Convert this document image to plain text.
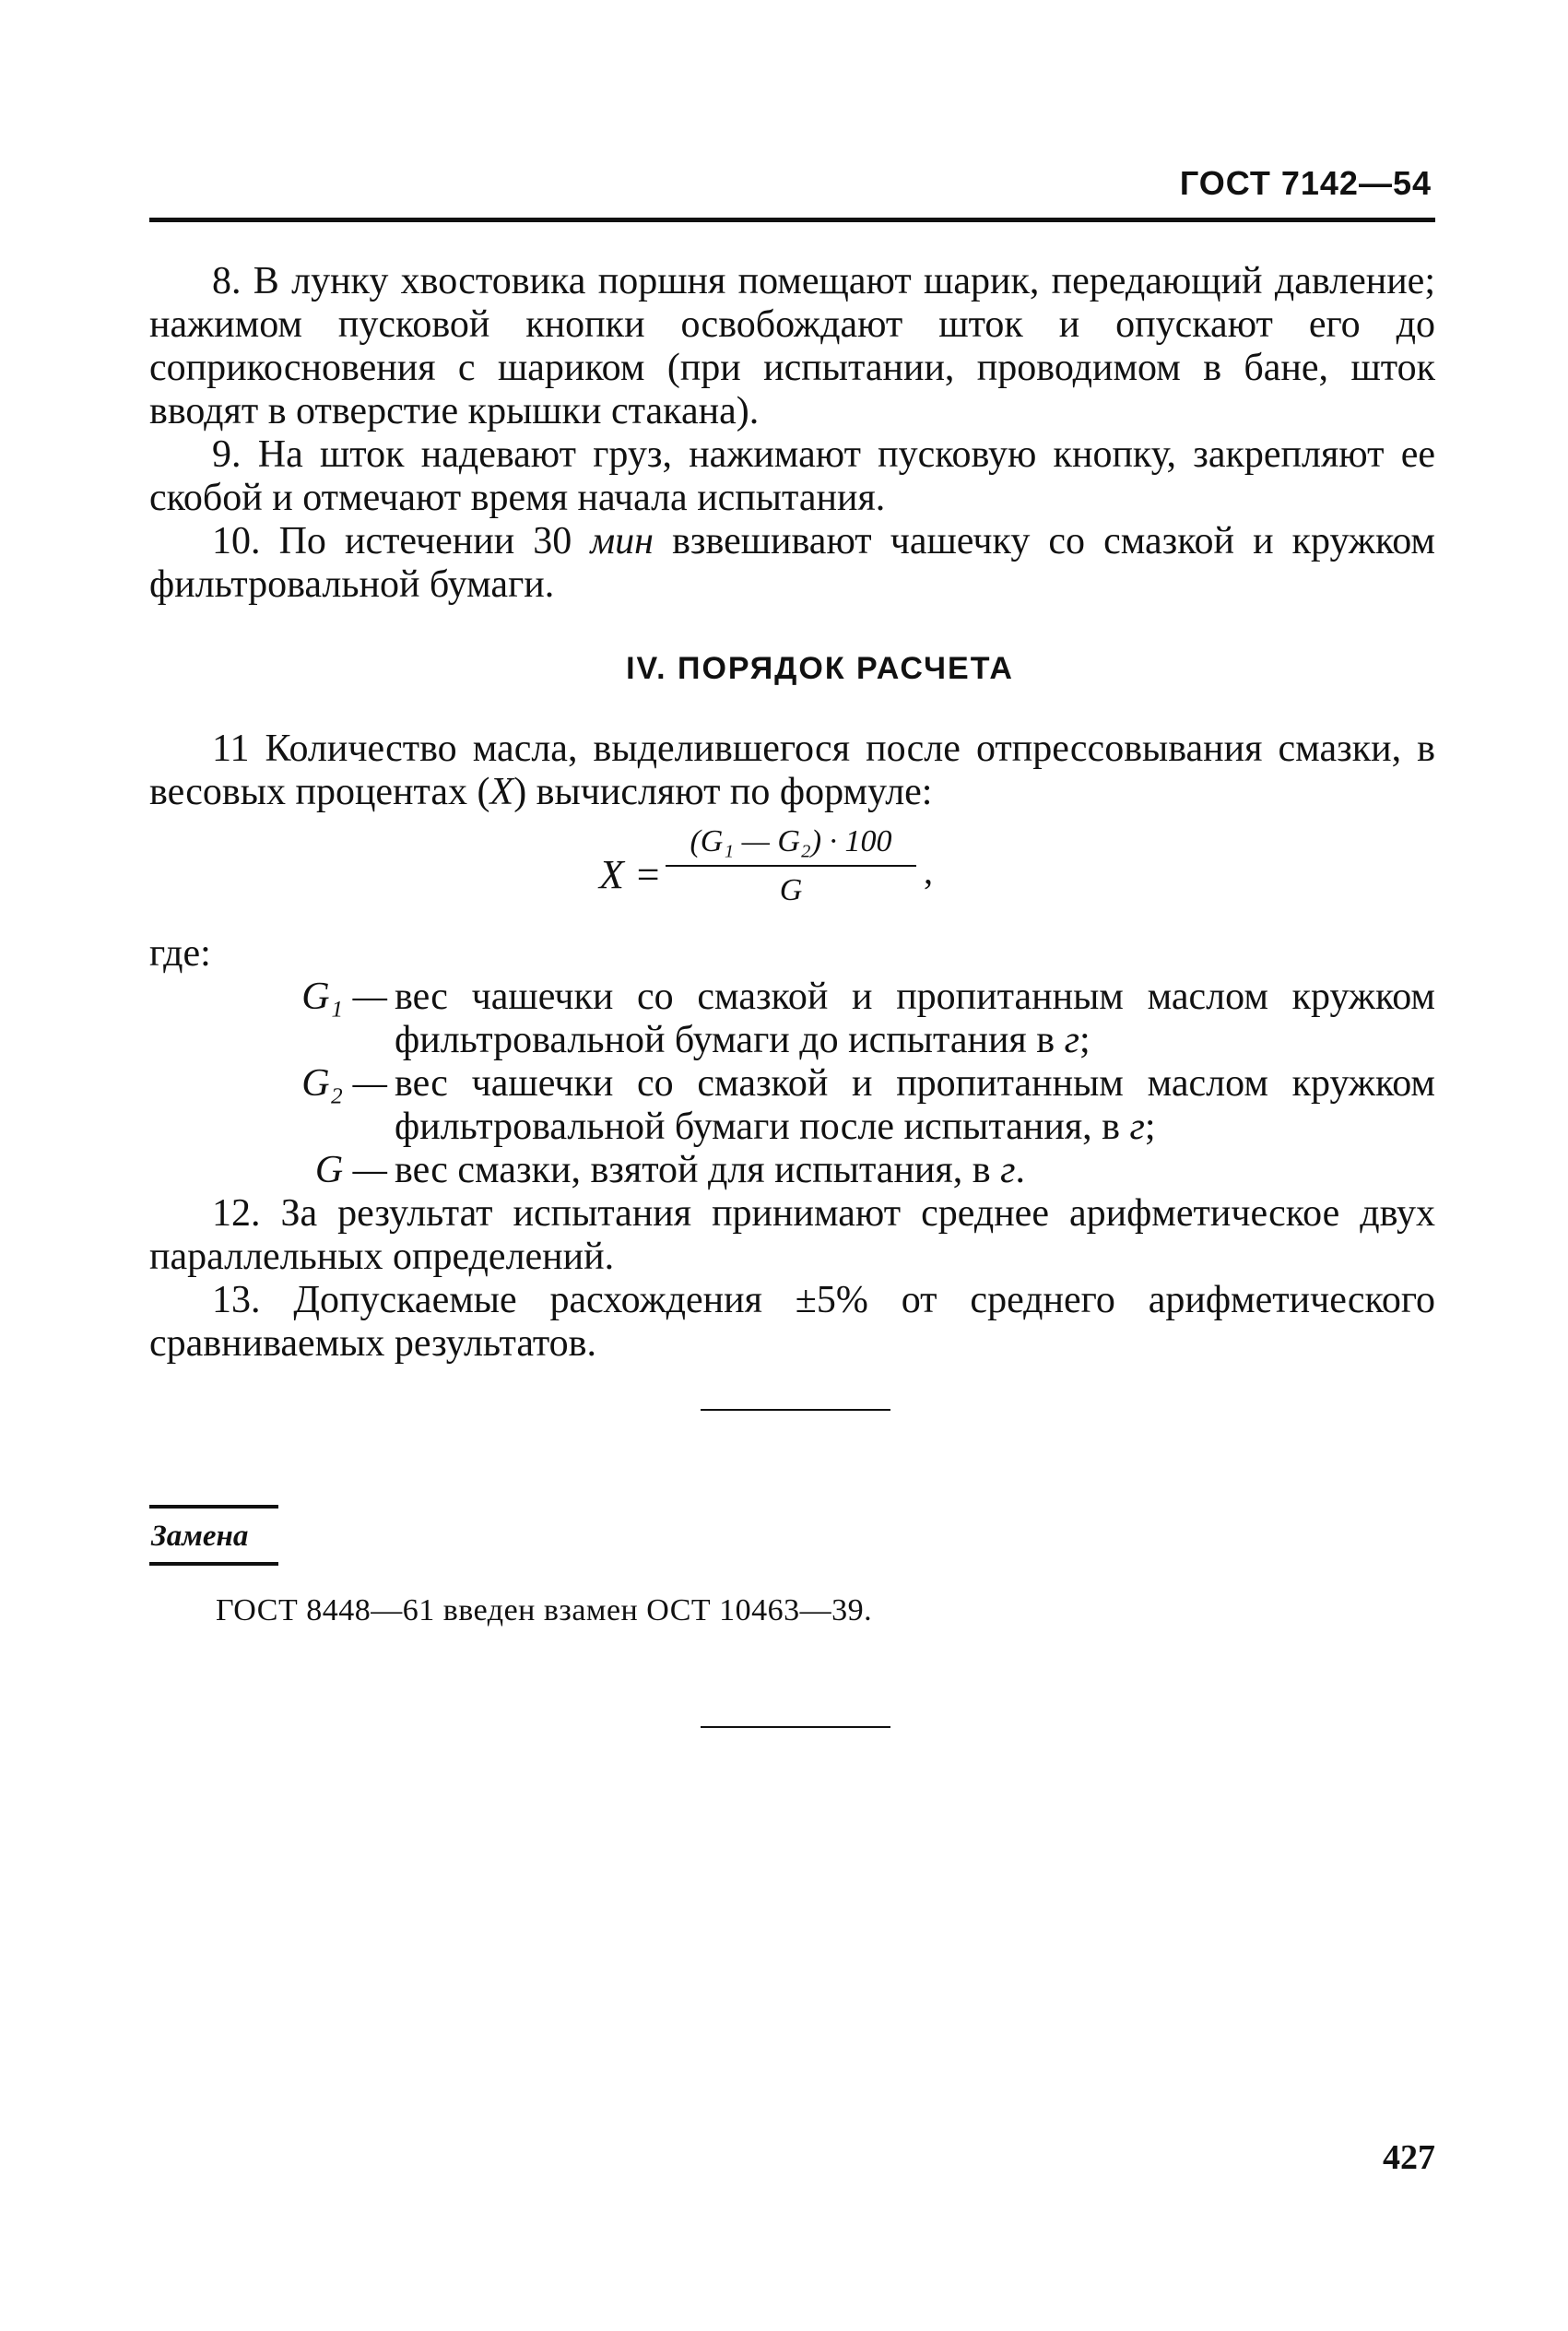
ГОСТ 7142—54

8. В лунку хвостовика поршня помещают шарик, передающий давление; нажимом пусковой кнопки освобождают шток и опускают его до соприкосновения с шариком (при испытании, проводимом в бане, шток вводят в отверстие крышки стакана).

9. На шток надевают груз, нажимают пусковую кнопку, закрепляют ее скобой и отмечают время начала испытания.

10. По истечении 30 мин взвешивают чашечку со смазкой и кружком фильтровальной бумаги.

IV. ПОРЯДОК РАСЧЕТА

11 Количество масла, выделившегося после отпрессовывания смазки, в весовых процентах (X) вычисляют по формуле:

$X = \frac{\text{(G₁ — G₂) · 100}}{G}$ ,

где:

G₁ — вес чашечки со смазкой и пропитанным маслом кружком фильтровальной бумаги до испытания в г;
G₂ — вес чашечки со смазкой и пропитанным маслом кружком фильтровальной бумаги после испытания, в г;
G — вес смазки, взятой для испытания, в г.

12. За результат испытания принимают среднее арифметическое двух параллельных определений.

13. Допускаемые расхождения ±5% от среднего арифметического сравниваемых результатов.

Замена
ГОСТ 8448—61 введен взамен ОСТ 10463—39.
427
